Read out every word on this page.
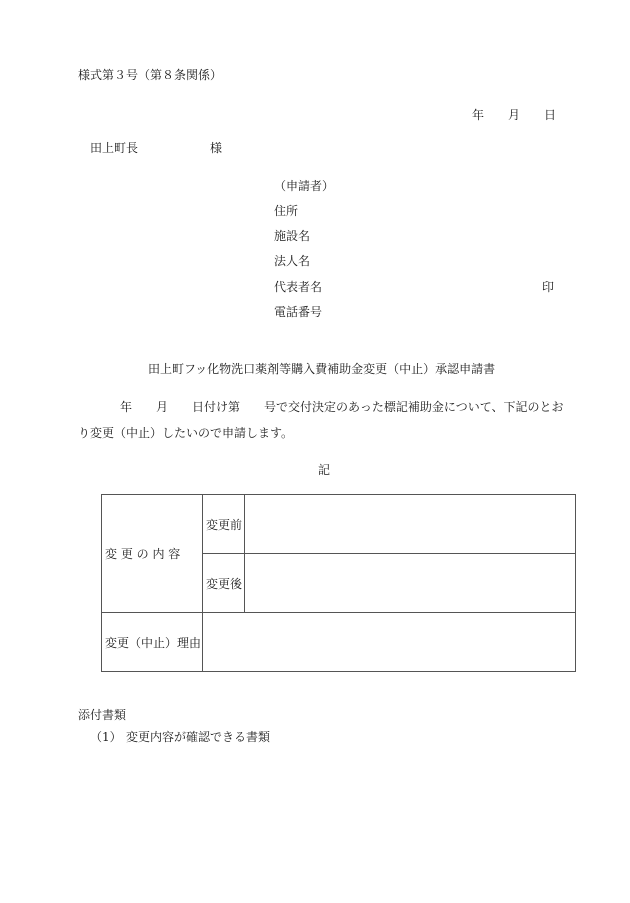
様式第３号（第８条関係）
年 月 日
田上町長	様
（申請者）
住所
施設名
法人名
代表者名
電話番号
印
田上町フッ化物洗口薬剤等購入費補助金変更（中止）承認申請書
年 月 日付け第 号で交付決定のあった標記補助金について、下記のとお
り変更（中止）したいので申請します。
記
変 更 の 内 容	変更前	
	変更後	
変更（中止）理由		
添付書類
（1） 変更内容が確認できる書類
